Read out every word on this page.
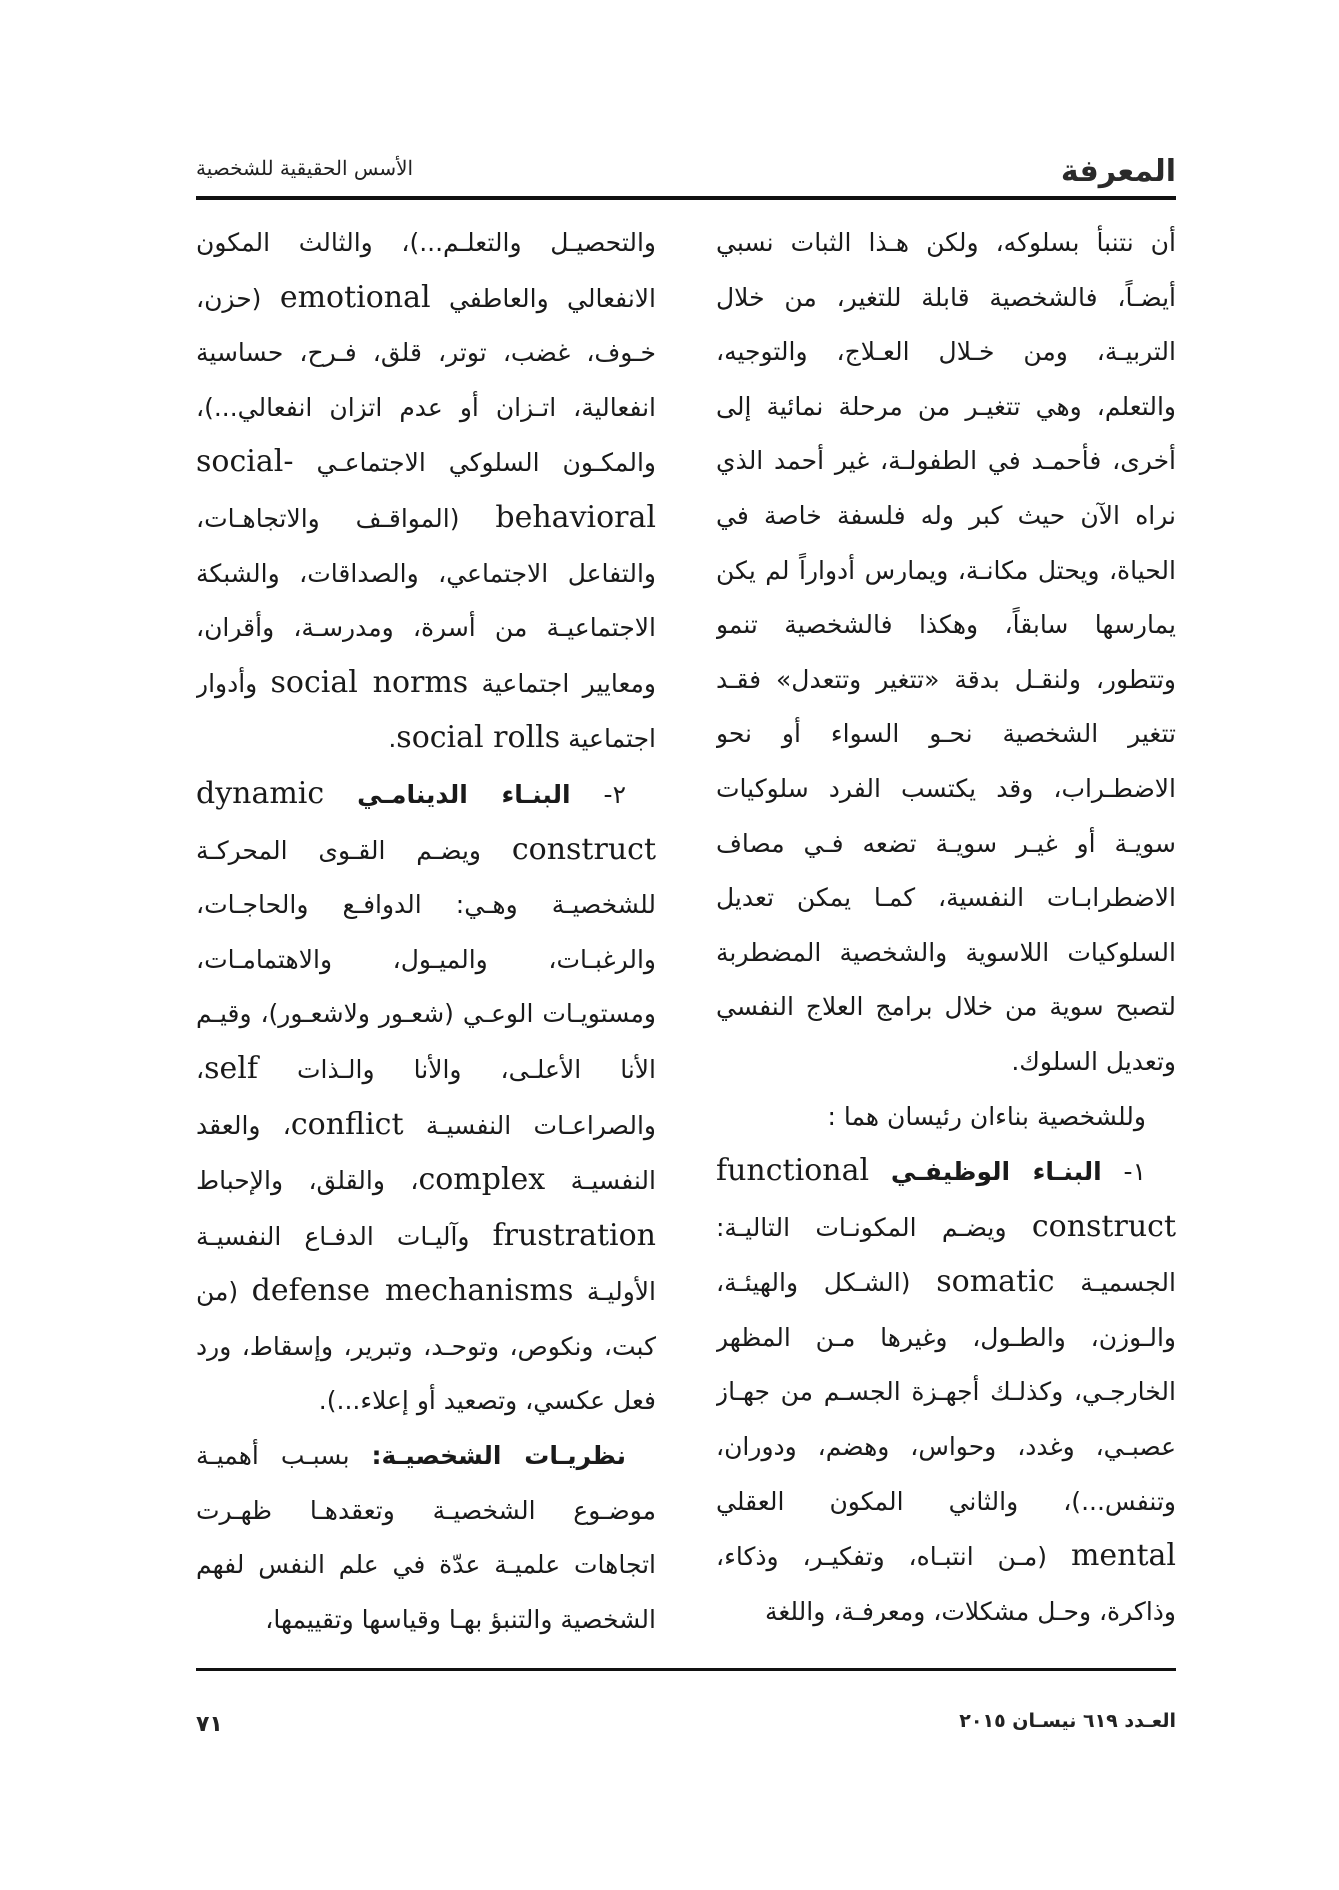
المعرفة
الأسس الحقيقية للشخصية

أن نتنبأ بسلوكه، ولكن هـذا الثبات نسبي أيضـاً، فالشخصية قابلة للتغير، من خلال التربيـة، ومن خـلال العـلاج، والتوجيه، والتعلم، وهي تتغيـر من مرحلة نمائية إلى أخرى، فأحمـد في الطفولـة، غير أحمد الذي نراه الآن حيث كبر وله فلسفة خاصة في الحياة، ويحتل مكانـة، ويمارس أدواراً لم يكن يمارسها سابقاً، وهكذا فالشخصية تنمو وتتطور، ولنقـل بدقة «تتغير وتتعدل» فقـد تتغير الشخصية نحـو السواء أو نحو الاضطـراب، وقد يكتسب الفرد سلوكيات سويـة أو غيـر سويـة تضعه فـي مصاف الاضطرابـات النفسية، كمـا يمكن تعديل السلوكيات اللاسوية والشخصية المضطربة لتصبح سوية من خلال برامج العلاج النفسي وتعديل السلوك.

وللشخصية بناءان رئيسان هما :

١- البنـاء الوظيفـي functional construct ويضـم المكونـات التاليـة: الجسميـة somatic (الشـكل والهيئـة، والـوزن، والطـول، وغيرها مـن المظهر الخارجـي، وكذلـك أجهـزة الجسـم من جهـاز عصبـي، وغدد، وحواس، وهضم، ودوران، وتنفس...)، والثاني المكون العقلي mental (مـن انتبـاه، وتفكيـر، وذكاء، وذاكرة، وحـل مشكلات، ومعرفـة، واللغة

والتحصيـل والتعلـم...)، والثالث المكون الانفعالي والعاطفي emotional (حزن، خـوف، غضب، توتر، قلق، فـرح، حساسية انفعالية، اتـزان أو عدم اتزان انفعالي...)، والمكـون السلوكي الاجتماعـي social-behavioral (المواقـف والاتجاهـات، والتفاعل الاجتماعي، والصداقات، والشبكة الاجتماعيـة من أسرة، ومدرسـة، وأقران، ومعايير اجتماعية social norms وأدوار اجتماعية social rolls.

٢- البنـاء الدينامـي dynamic construct ويضـم القـوى المحركـة للشخصيـة وهـي: الدوافـع والحاجـات، والرغبـات، والميـول، والاهتمامـات، ومستويـات الوعـي (شعـور ولاشعـور)، وقيـم الأنا الأعلـى، والأنا والـذات self، والصراعـات النفسيـة conflict، والعقد النفسيـة complex، والقلق، والإحباط frustration وآليـات الدفـاع النفسيـة الأوليـة defense mechanisms (من كبت، ونكوص، وتوحـد، وتبرير، وإسقاط، ورد فعل عكسي، وتصعيد أو إعلاء...).

نظريـات الشخصيـة: بسبـب أهميـة موضـوع الشخصيـة وتعقدهـا ظهـرت اتجاهات علميـة عدّة في علم النفس لفهم الشخصية والتنبؤ بهـا وقياسها وتقييمها،

العـدد ٦١٩ نيسـان ٢٠١٥
٧١
